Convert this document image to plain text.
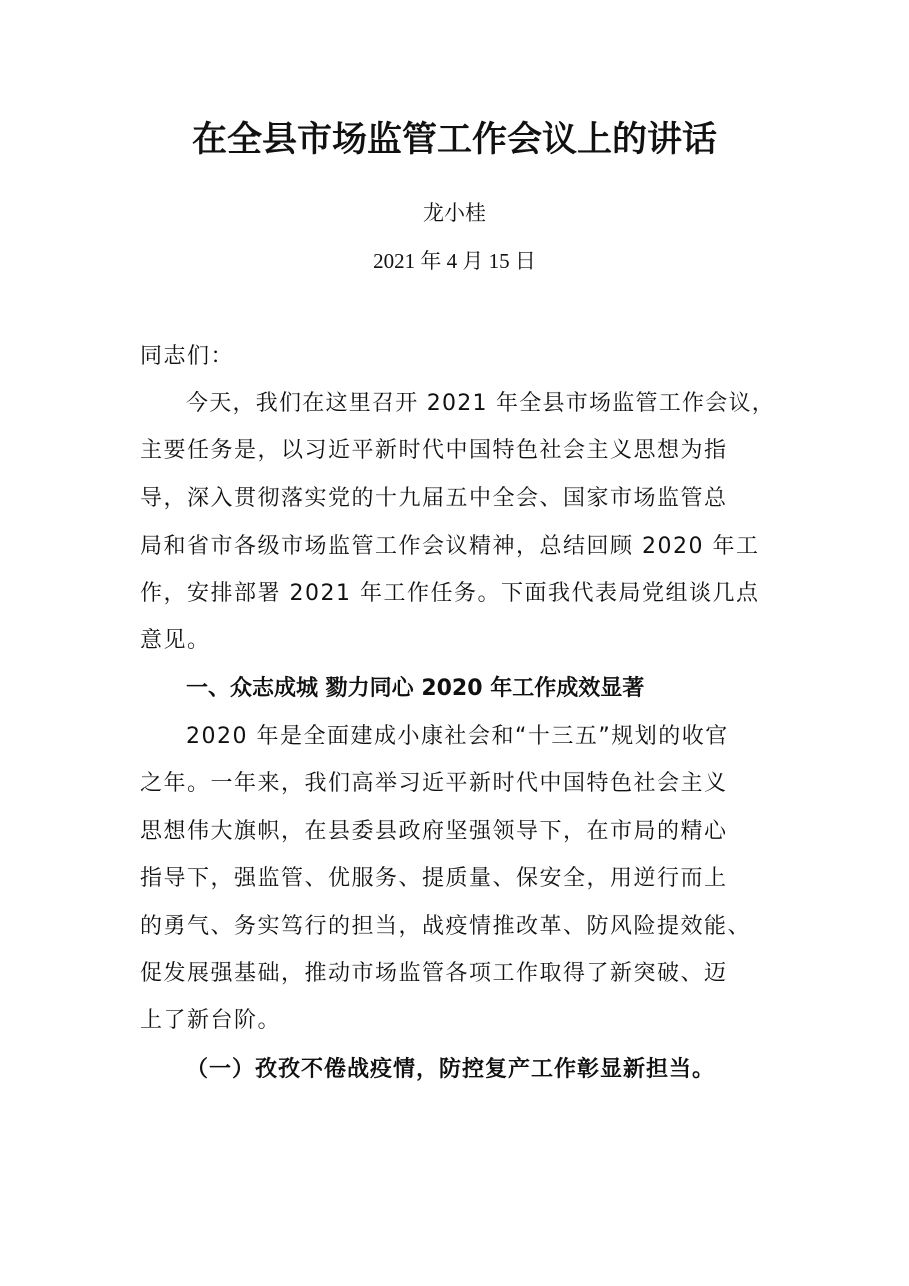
在全县市场监管工作会议上的讲话
龙小桂
2021 年 4 月 15 日
同志们：
今天，我们在这里召开 2021 年全县市场监管工作会议，
主要任务是，以习近平新时代中国特色社会主义思想为指
导，深入贯彻落实党的十九届五中全会、国家市场监管总
局和省市各级市场监管工作会议精神，总结回顾 2020 年工
作，安排部署 2021 年工作任务。下面我代表局党组谈几点
意见。
一、众志成城 勠力同心 2020 年工作成效显著
2020 年是全面建成小康社会和“十三五”规划的收官
之年。一年来，我们高举习近平新时代中国特色社会主义
思想伟大旗帜，在县委县政府坚强领导下，在市局的精心
指导下，强监管、优服务、提质量、保安全，用逆行而上
的勇气、务实笃行的担当，战疫情推改革、防风险提效能、
促发展强基础，推动市场监管各项工作取得了新突破、迈
上了新台阶。
（一）孜孜不倦战疫情，防控复产工作彰显新担当。
